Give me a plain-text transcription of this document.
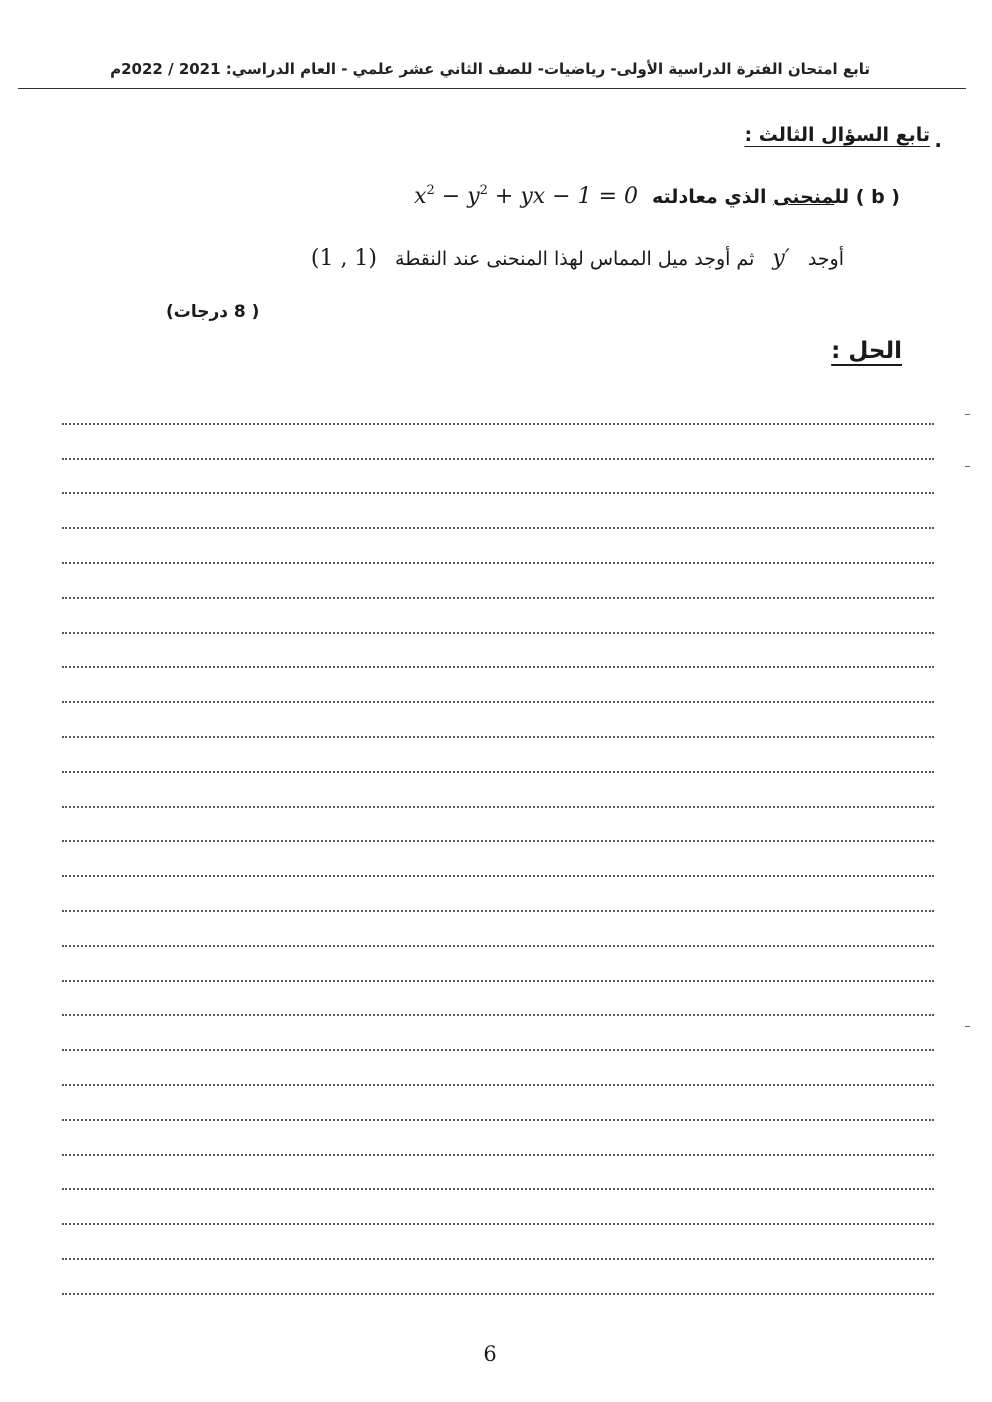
تابع امتحان الفترة الدراسية الأولى- رياضيات- للصف الثاني عشر علمي - العام الدراسي: 2021 / 2022م
.
تابع السؤال الثالث :
( b ) للمنحنى الذي معادلته
$x^2 - y^2$ + yx − 1 = 0
أوجد
y′
ثم أوجد ميل المماس لهذا المنحنى عند النقطة
(1 , 1)
( 8 درجات)
الحل :
6
